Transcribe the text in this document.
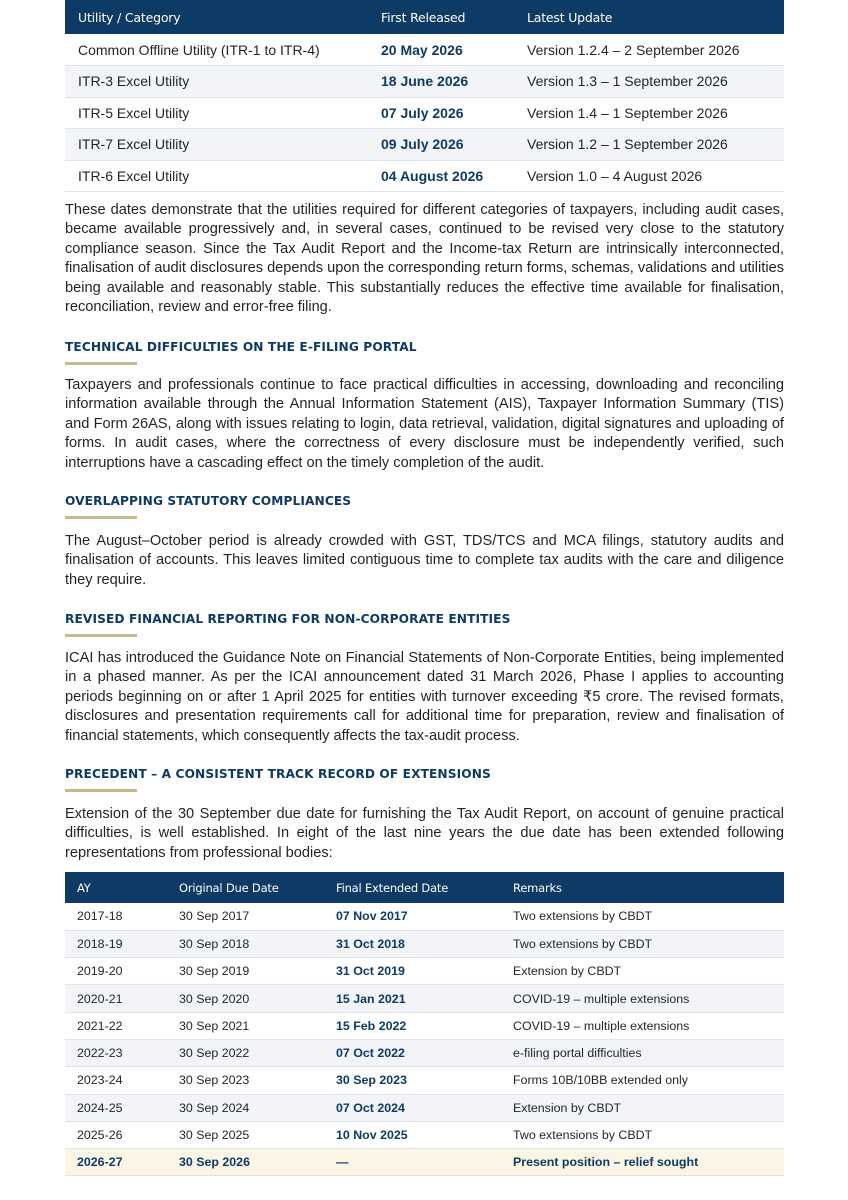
Utility / Category	First Released	Latest Update
Common Offline Utility (ITR-1 to ITR-4)	20 May 2026	Version 1.2.4 – 2 September 2026
ITR-3 Excel Utility	18 June 2026	Version 1.3 – 1 September 2026
ITR-5 Excel Utility	07 July 2026	Version 1.4 – 1 September 2026
ITR-7 Excel Utility	09 July 2026	Version 1.2 – 1 September 2026
ITR-6 Excel Utility	04 August 2026	Version 1.0 – 4 August 2026

These dates demonstrate that the utilities required for different categories of taxpayers, including audit cases, became available progressively and, in several cases, continued to be revised very close to the statutory compliance season. Since the Tax Audit Report and the Income-tax Return are intrinsically interconnected, finalisation of audit disclosures depends upon the corresponding return forms, schemas, validations and utilities being available and reasonably stable. This substantially reduces the effective time available for finalisation, reconciliation, review and error-free filing.

TECHNICAL DIFFICULTIES ON THE E-FILING PORTAL

Taxpayers and professionals continue to face practical difficulties in accessing, downloading and reconciling information available through the Annual Information Statement (AIS), Taxpayer Information Summary (TIS) and Form 26AS, along with issues relating to login, data retrieval, validation, digital signatures and uploading of forms. In audit cases, where the correctness of every disclosure must be independently verified, such interruptions have a cascading effect on the timely completion of the audit.

OVERLAPPING STATUTORY COMPLIANCES

The August–October period is already crowded with GST, TDS/TCS and MCA filings, statutory audits and finalisation of accounts. This leaves limited contiguous time to complete tax audits with the care and diligence they require.

REVISED FINANCIAL REPORTING FOR NON-CORPORATE ENTITIES

ICAI has introduced the Guidance Note on Financial Statements of Non-Corporate Entities, being implemented in a phased manner. As per the ICAI announcement dated 31 March 2026, Phase I applies to accounting periods beginning on or after 1 April 2025 for entities with turnover exceeding ₹5 crore. The revised formats, disclosures and presentation requirements call for additional time for preparation, review and finalisation of financial statements, which consequently affects the tax-audit process.

PRECEDENT – A CONSISTENT TRACK RECORD OF EXTENSIONS

Extension of the 30 September due date for furnishing the Tax Audit Report, on account of genuine practical difficulties, is well established. In eight of the last nine years the due date has been extended following representations from professional bodies:

AY	Original Due Date	Final Extended Date	Remarks
2017-18	30 Sep 2017	07 Nov 2017	Two extensions by CBDT
2018-19	30 Sep 2018	31 Oct 2018	Two extensions by CBDT
2019-20	30 Sep 2019	31 Oct 2019	Extension by CBDT
2020-21	30 Sep 2020	15 Jan 2021	COVID-19 – multiple extensions
2021-22	30 Sep 2021	15 Feb 2022	COVID-19 – multiple extensions
2022-23	30 Sep 2022	07 Oct 2022	e-filing portal difficulties
2023-24	30 Sep 2023	30 Sep 2023	Forms 10B/10BB extended only
2024-25	30 Sep 2024	07 Oct 2024	Extension by CBDT
2025-26	30 Sep 2025	10 Nov 2025	Two extensions by CBDT
2026-27	30 Sep 2026	—	Present position – relief sought
